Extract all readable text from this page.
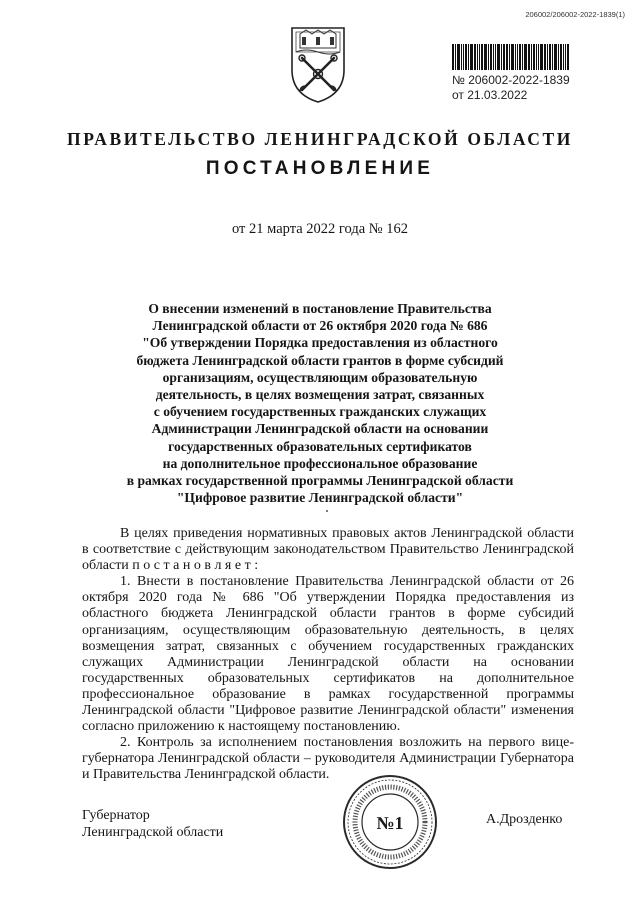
206002/206002-2022-1839(1)
№ 206002-2022-1839
от 21.03.2022
ПРАВИТЕЛЬСТВО ЛЕНИНГРАДСКОЙ ОБЛАСТИ
ПОСТАНОВЛЕНИЕ
от 21 марта 2022 года № 162
О внесении изменений в постановление Правительства
Ленинградской области от 26 октября 2020 года № 686
"Об утверждении Порядка предоставления из областного
бюджета Ленинградской области грантов в форме субсидий
организациям, осуществляющим образовательную
деятельность, в целях возмещения затрат, связанных
с обучением государственных гражданских служащих
Администрации Ленинградской области на основании
государственных образовательных сертификатов
на дополнительное профессиональное образование
в рамках государственной программы Ленинградской области
"Цифровое развитие Ленинградской области"

В целях приведения нормативных правовых актов Ленинградской области в соответствие с действующим законодательством Правительство Ленинградской области п о с т а н о в л я е т :

1. Внести в постановление Правительства Ленинградской области от 26 октября 2020 года № 686 "Об утверждении Порядка предоставления из областного бюджета Ленинградской области грантов в форме субсидий организациям, осуществляющим образовательную деятельность, в целях возмещения затрат, связанных с обучением государственных гражданских служащих Администрации Ленинградской области на основании государственных образовательных сертификатов на дополнительное профессиональное образование в рамках государственной программы Ленинградской области "Цифровое развитие Ленинградской области" изменения согласно приложению к настоящему постановлению.

2. Контроль за исполнением постановления возложить на первого вице-губернатора Ленинградской области – руководителя Администрации Губернатора и Правительства Ленинградской области.

Губернатор
Ленинградской области	№1	А.Дрозденко
